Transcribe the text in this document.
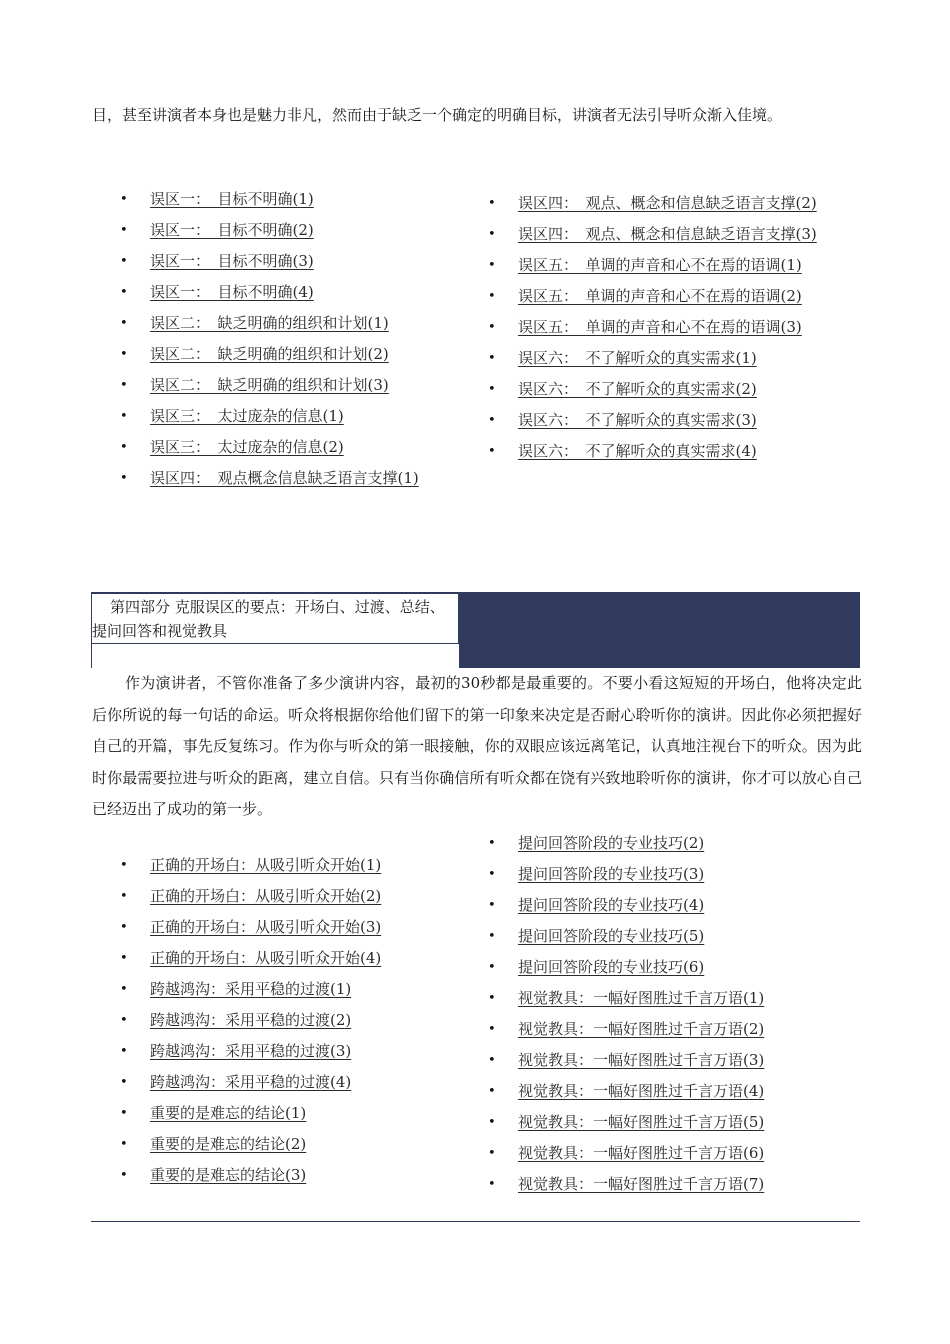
目，甚至讲演者本身也是魅力非凡，然而由于缺乏一个确定的明确目标，讲演者无法引导听众渐入佳境。

•	误区一：　目标不明确(1)
•	误区一：　目标不明确(2)
•	误区一：　目标不明确(3)
•	误区一：　目标不明确(4)
•	误区二：　缺乏明确的组织和计划(1)
•	误区二：　缺乏明确的组织和计划(2)
•	误区二：　缺乏明确的组织和计划(3)
•	误区三：　太过庞杂的信息(1)
•	误区三：　太过庞杂的信息(2)
•	误区四：　观点概念信息缺乏语言支撑(1)
•	误区四：　观点、概念和信息缺乏语言支撑(2)
•	误区四：　观点、概念和信息缺乏语言支撑(3)
•	误区五：　单调的声音和心不在焉的语调(1)
•	误区五：　单调的声音和心不在焉的语调(2)
•	误区五：　单调的声音和心不在焉的语调(3)
•	误区六：　不了解听众的真实需求(1)
•	误区六：　不了解听众的真实需求(2)
•	误区六：　不了解听众的真实需求(3)
•	误区六：　不了解听众的真实需求(4)
第四部分 克服误区的要点：开场白、过渡、总结、提问回答和视觉教具

作为演讲者，不管你准备了多少演讲内容，最初的30秒都是最重要的。不要小看这短短的开场白，他将决定此后你所说的每一句话的命运。听众将根据你给他们留下的第一印象来决定是否耐心聆听你的演讲。因此你必须把握好自己的开篇，事先反复练习。作为你与听众的第一眼接触，你的双眼应该远离笔记，认真地注视台下的听众。因为此时你最需要拉进与听众的距离，建立自信。只有当你确信所有听众都在饶有兴致地聆听你的演讲，你才可以放心自己已经迈出了成功的第一步。

•	正确的开场白：从吸引听众开始(1)
•	正确的开场白：从吸引听众开始(2)
•	正确的开场白：从吸引听众开始(3)
•	正确的开场白：从吸引听众开始(4)
•	跨越鸿沟：采用平稳的过渡(1)
•	跨越鸿沟：采用平稳的过渡(2)
•	跨越鸿沟：采用平稳的过渡(3)
•	跨越鸿沟：采用平稳的过渡(4)
•	重要的是难忘的结论(1)
•	重要的是难忘的结论(2)
•	重要的是难忘的结论(3)
•	提问回答阶段的专业技巧(2)
•	提问回答阶段的专业技巧(3)
•	提问回答阶段的专业技巧(4)
•	提问回答阶段的专业技巧(5)
•	提问回答阶段的专业技巧(6)
•	视觉教具：一幅好图胜过千言万语(1)
•	视觉教具：一幅好图胜过千言万语(2)
•	视觉教具：一幅好图胜过千言万语(3)
•	视觉教具：一幅好图胜过千言万语(4)
•	视觉教具：一幅好图胜过千言万语(5)
•	视觉教具：一幅好图胜过千言万语(6)
•	视觉教具：一幅好图胜过千言万语(7)
